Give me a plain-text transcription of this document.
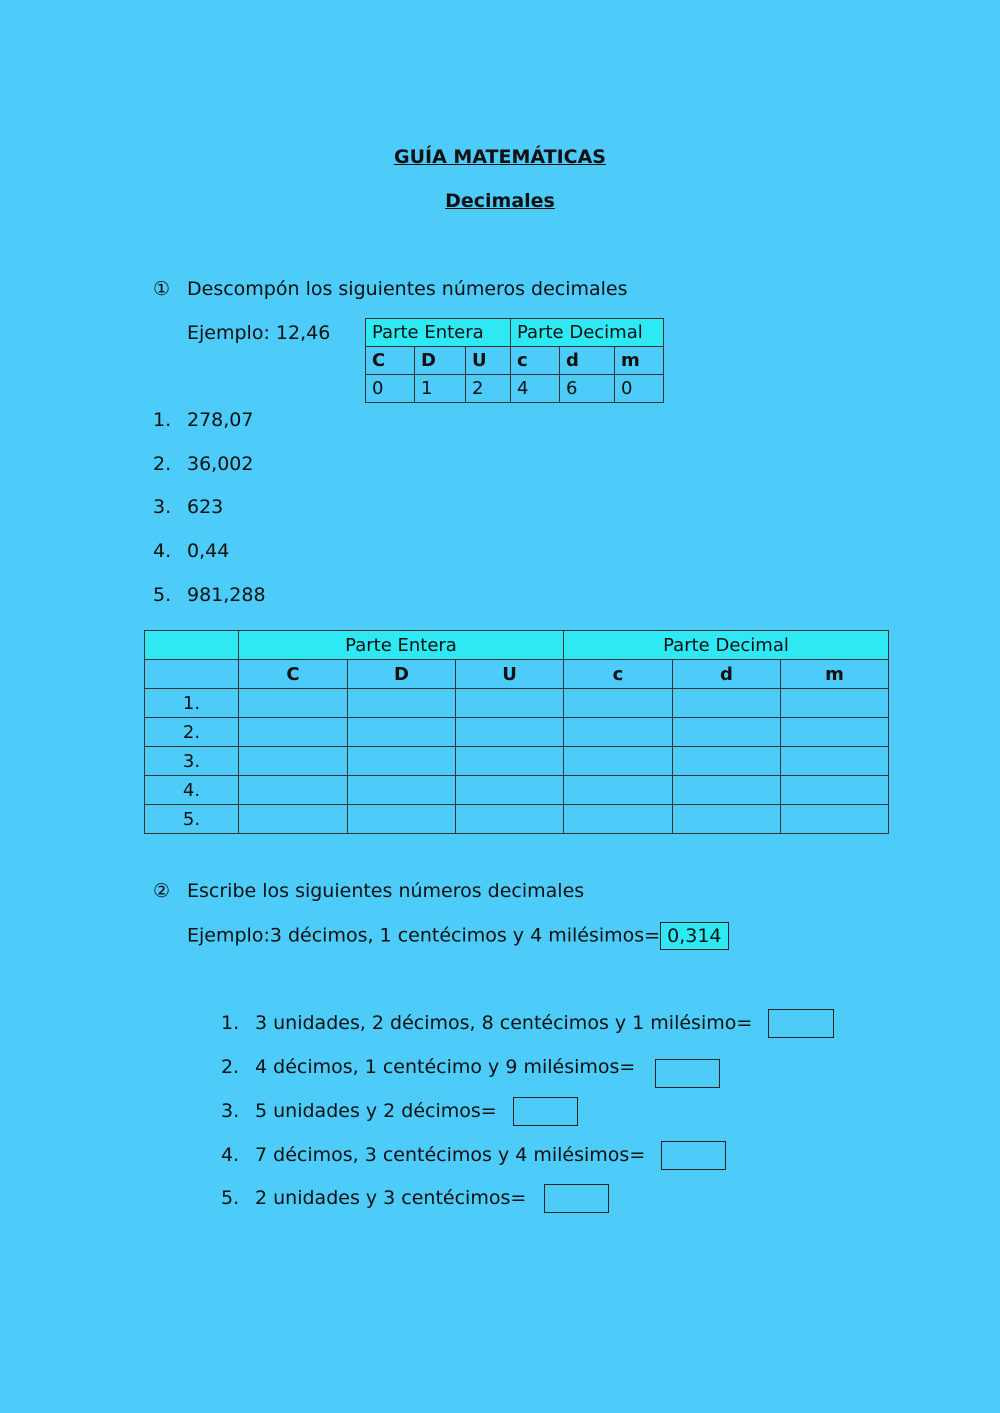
GUÍA MATEMÁTICAS
Decimales
① Descompón los siguientes números decimales
Ejemplo: 12,46 Parte Entera			Parte Decimal		
C	D	U	c	d	m
0	1	2	4	6	0
1. 278,07
2. 36,002
3. 623
4. 0,44
5. 981,288
	Parte Entera			Parte Decimal		
	C	D	U	c	d	m
1.						
2.						
3.						
4.						
5.						
② Escribe los siguientes números decimales
Ejemplo:3 décimos, 1 centécimos y 4 milésimos= 0,314
1. 3 unidades, 2 décimos, 8 centécimos y 1 milésimo=
2. 4 décimos, 1 centécimo y 9 milésimos=
3. 5 unidades y 2 décimos=
4. 7 décimos, 3 centécimos y 4 milésimos=
5. 2 unidades y 3 centécimos=
